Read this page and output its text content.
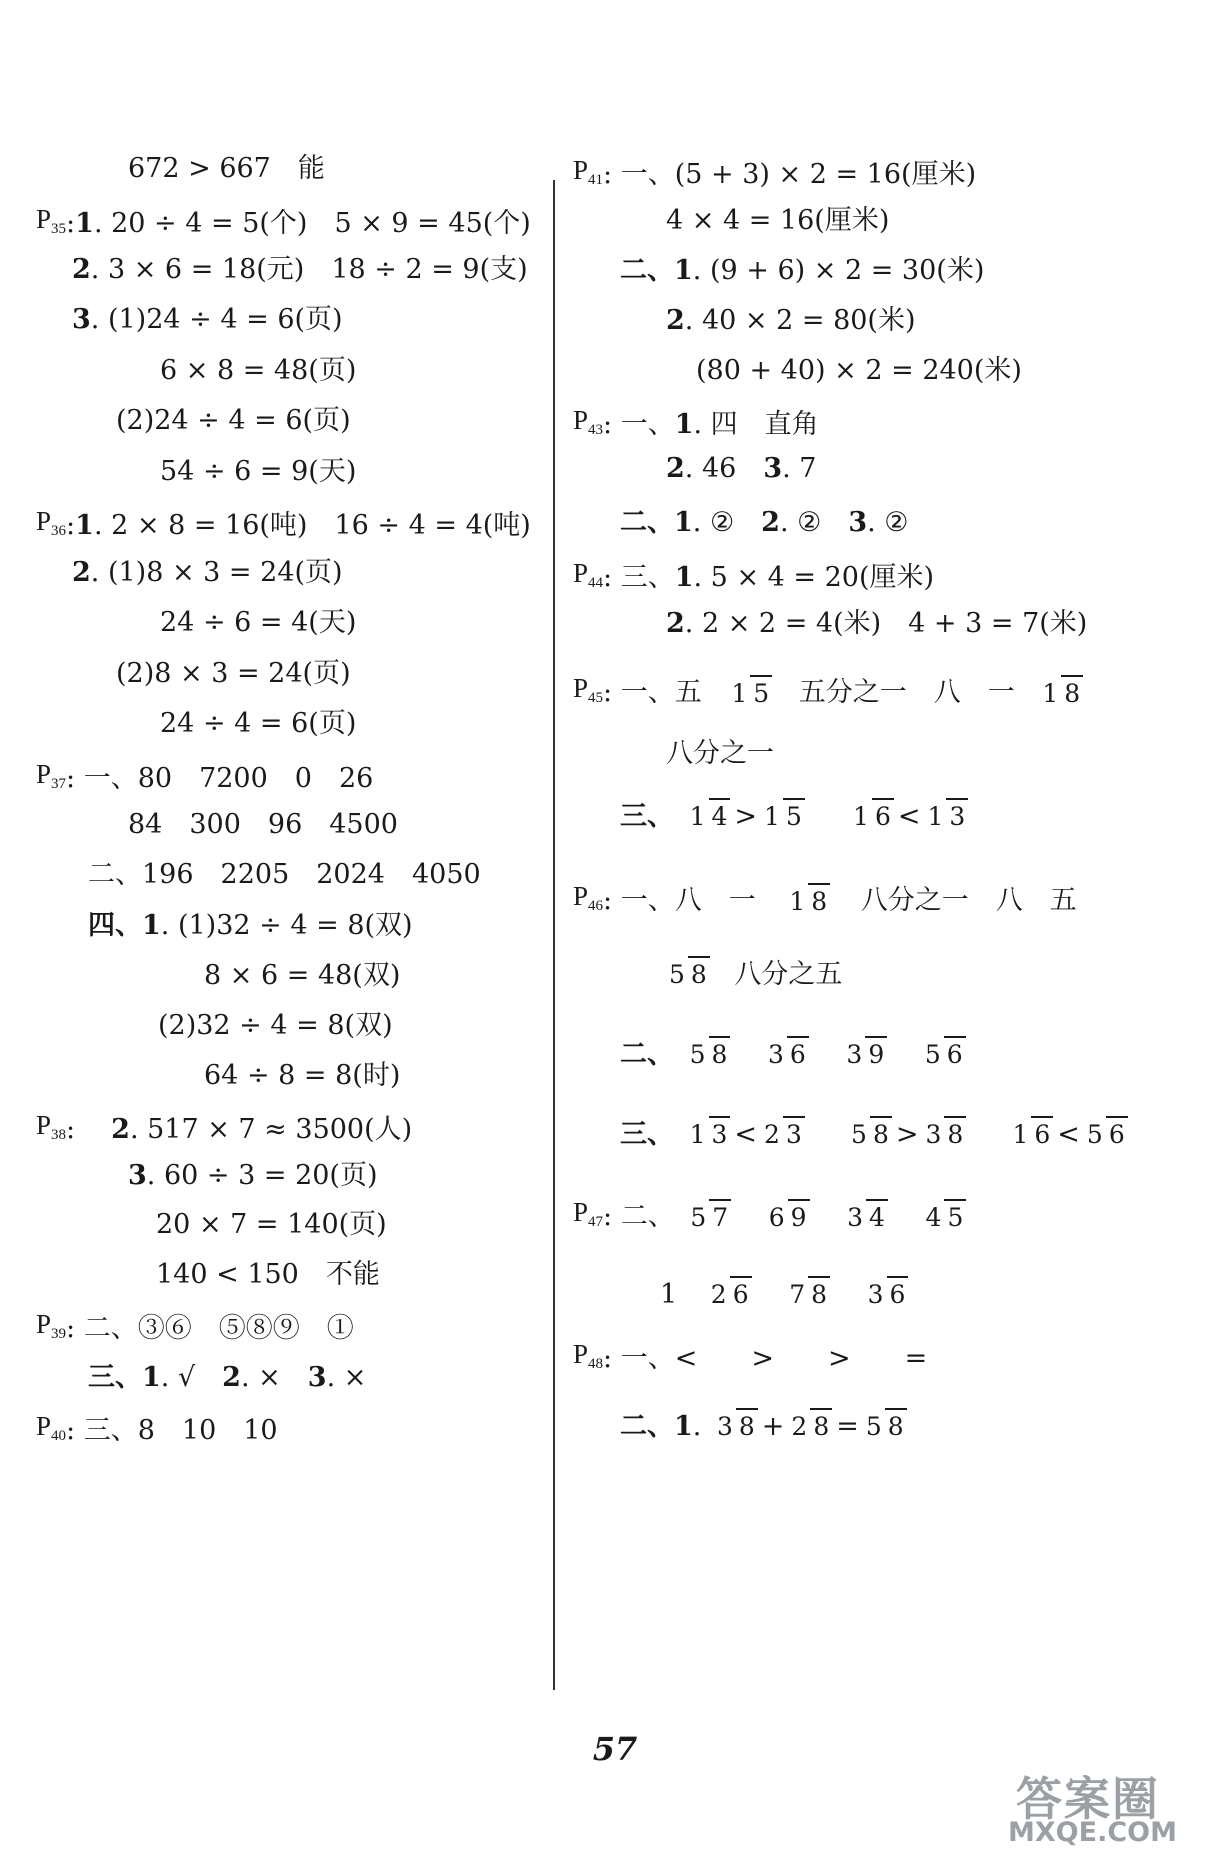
672 > 667　能
$P_{35}:1$. 20 ÷ 4 = 5(个)　5 × 9 = 45(个)
2. 3 × 6 = 18(元)　18 ÷ 2 = 9(支)
3. (1)24 ÷ 4 = 6(页)
6 × 8 = 48(页)
(2)24 ÷ 4 = 6(页)
54 ÷ 6 = 9(天)
$P_{36}:1$. 2 × 8 = 16(吨)　16 ÷ 4 = 4(吨)
2. (1)8 × 3 = 24(页)
24 ÷ 6 = 4(天)
(2)8 × 3 = 24(页)
24 ÷ 4 = 6(页)
$P_{37}$: 一、80　7200　0　26
84　300　96　4500
二、196　2205　2024　4050
四、1. (1)32 ÷ 4 = 8(双)
8 × 6 = 48(双)
(2)32 ÷ 4 = 8(双)
64 ÷ 8 = 8(时)
$P_{38}$: 2. 517 × 7 ≈ 3500(人)
3. 60 ÷ 3 = 20(页)
20 × 7 = 140(页)
140 < 150　不能
$P_{39}$: 二、③⑥　⑤⑧⑨　①
三、1. √　2. ×　3. ×
$P_{40}$: 三、8　10　10
$P_{41}$: 一、(5 + 3) × 2 = 16(厘米)
4 × 4 = 16(厘米)
二、1. (9 + 6) × 2 = 30(米)
2. 40 × 2 = 80(米)
(80 + 40) × 2 = 240(米)
$P_{43}$: 一、1. 四　直角
2. 46　3. 7
二、1. ②　2. ②　3. ②
$P_{44}$: 三、1. 5 × 4 = 20(厘米)
2. 2 × 2 = 4(米)　4 + 3 = 7(米)
$P_{45}$: 一、五 1 5 五分之一　八　一 1 8
八分之一
三、 1 4 > 1 5 1 6 < 1 3
$P_{46}$: 一、八　一 1 8 八分之一　八　五
5 8 八分之五
二、 5 8 3 6 3 9 5 6
三、 1 3 < 2 3 5 8 > 3 8 1 6 < 5 6
$P_{47}$: 二、 5 7 6 9 3 4 4 5
1 2 6 7 8 3 6
$P_{48}$: 一、<　　>　　>　　=
二、1. 3 8 + 2 8 = 5 8
57
答案圈
MXQE.COM
